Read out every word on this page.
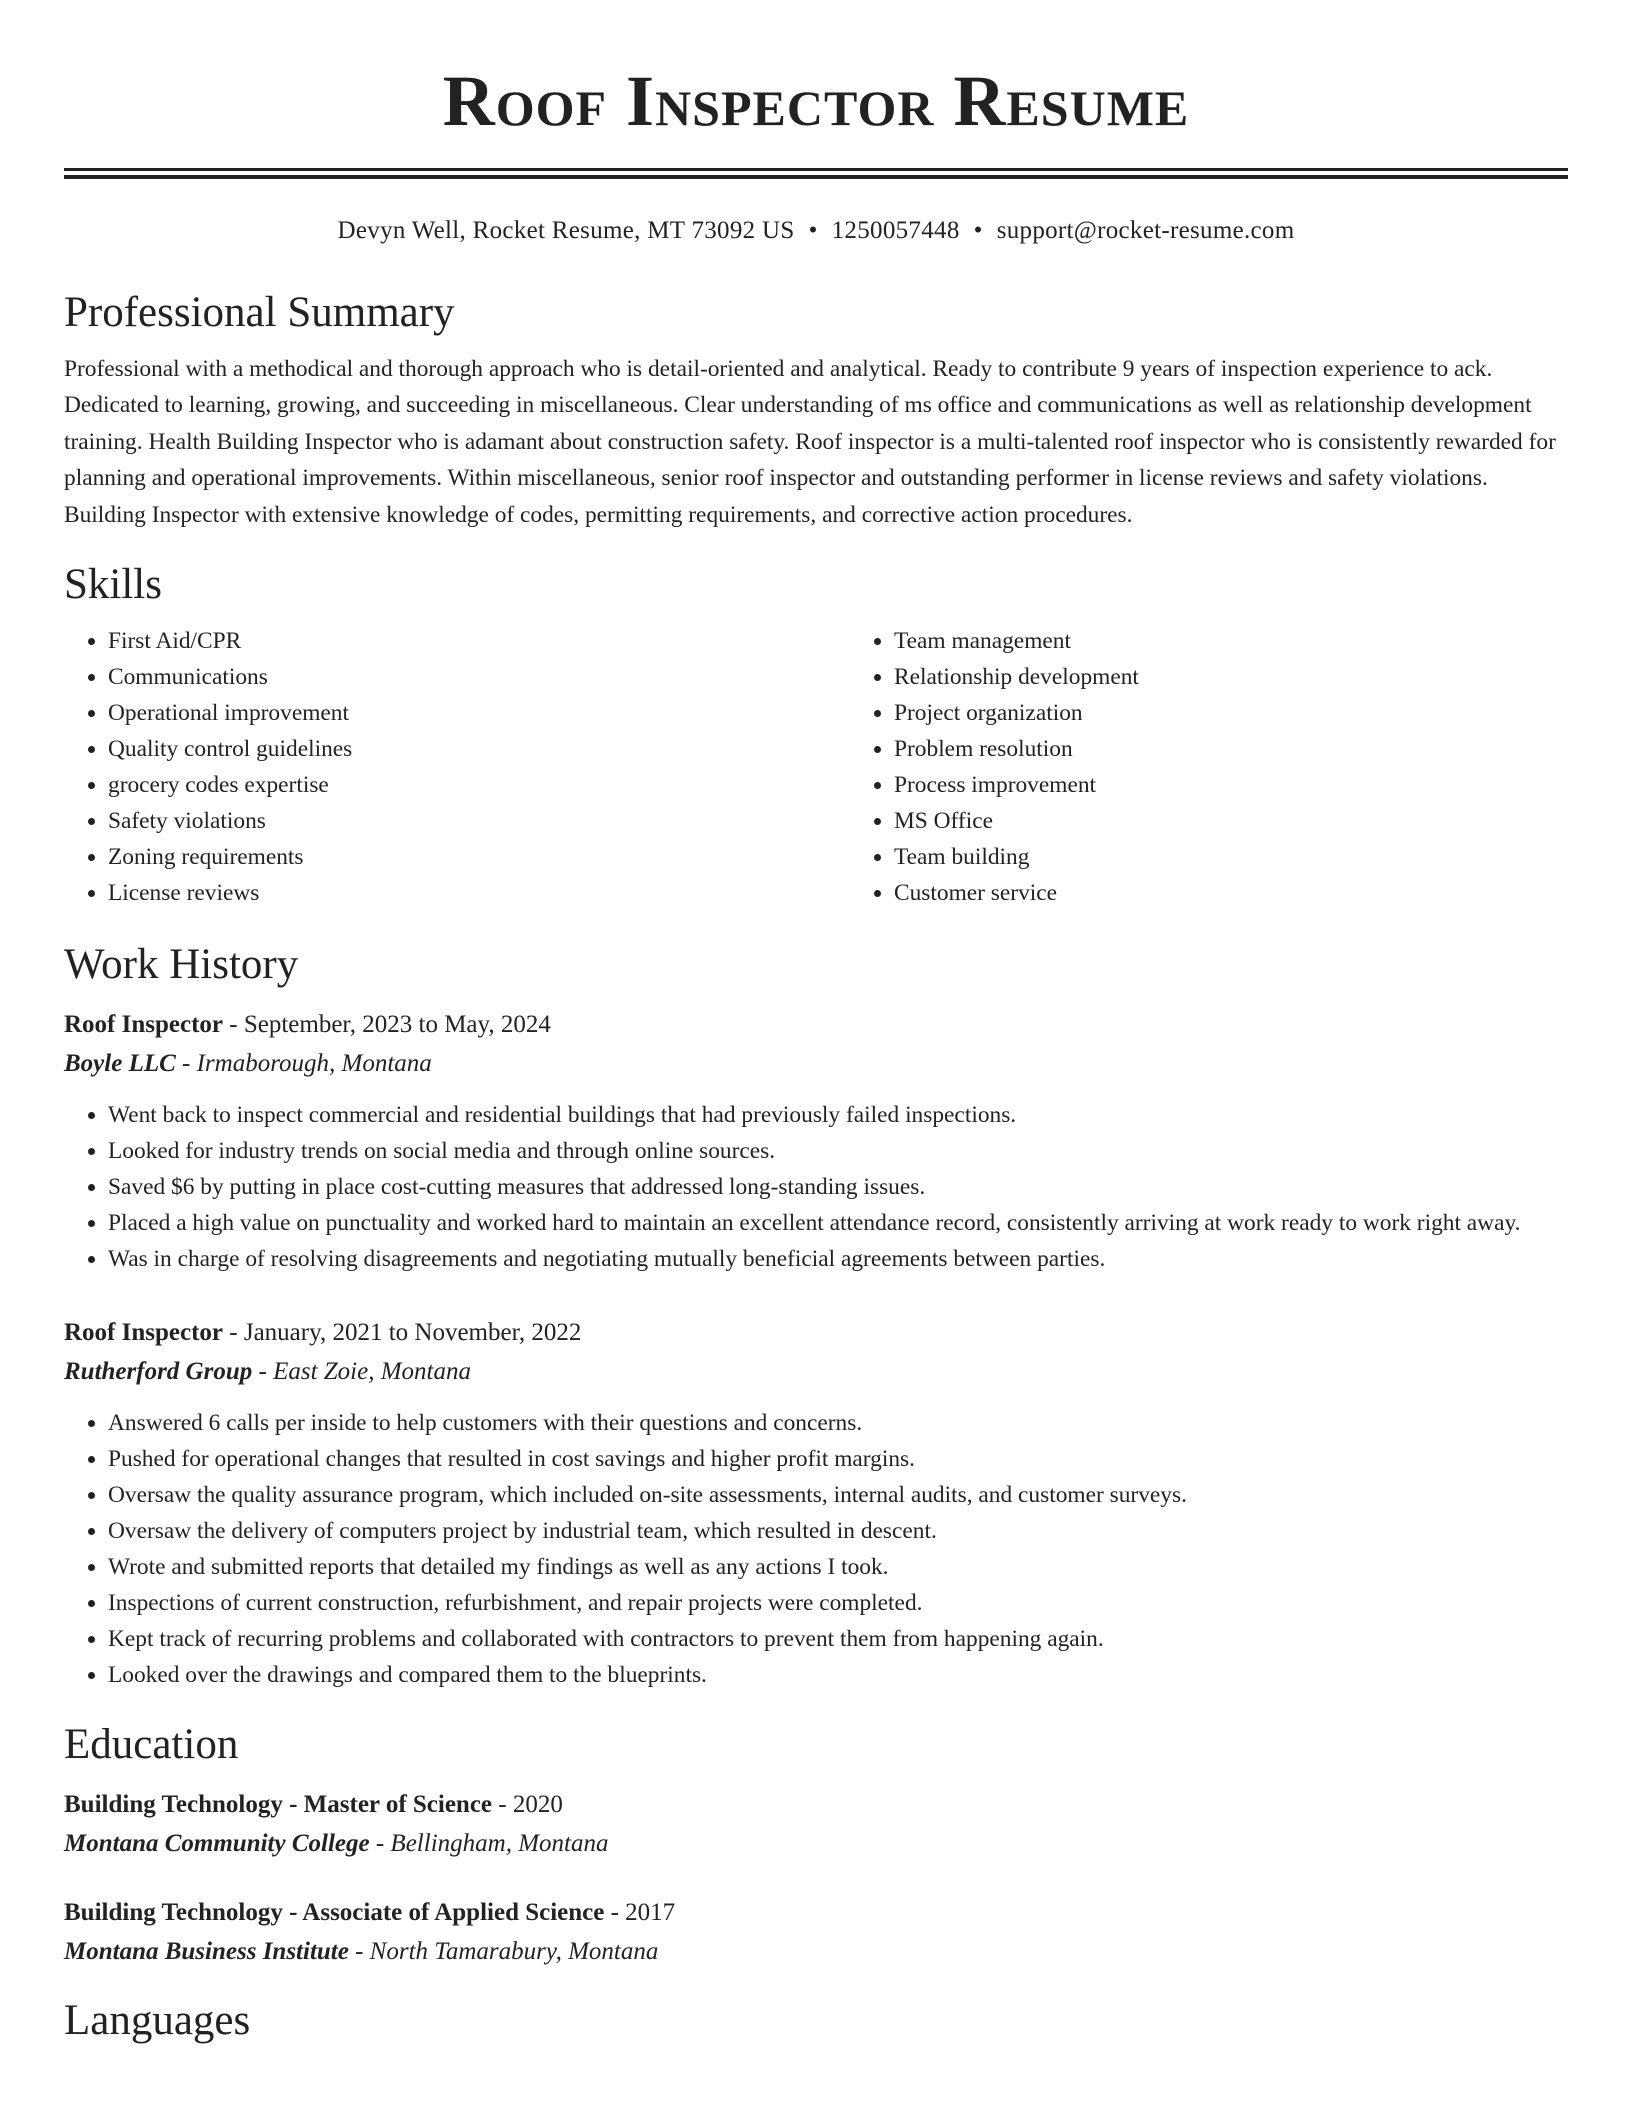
Roof Inspector Resume
Devyn Well, Rocket Resume, MT 73092 US • 1250057448 • support@rocket-resume.com
Professional Summary

Professional with a methodical and thorough approach who is detail-oriented and analytical. Ready to contribute 9 years of inspection experience to ack. Dedicated to learning, growing, and succeeding in miscellaneous. Clear understanding of ms office and communications as well as relationship development training. Health Building Inspector who is adamant about construction safety. Roof inspector is a multi-talented roof inspector who is consistently rewarded for planning and operational improvements. Within miscellaneous, senior roof inspector and outstanding performer in license reviews and safety violations. Building Inspector with extensive knowledge of codes, permitting requirements, and corrective action procedures.

Skills
• First Aid/CPR
• Communications
• Operational improvement
• Quality control guidelines
• grocery codes expertise
• Safety violations
• Zoning requirements
• License reviews
• Team management
• Relationship development
• Project organization
• Problem resolution
• Process improvement
• MS Office
• Team building
• Customer service
Work History
Roof Inspector - September, 2023 to May, 2024
Boyle LLC - Irmaborough, Montana
• Went back to inspect commercial and residential buildings that had previously failed inspections.
• Looked for industry trends on social media and through online sources.
• Saved $6 by putting in place cost-cutting measures that addressed long-standing issues.
• Placed a high value on punctuality and worked hard to maintain an excellent attendance record, consistently arriving at work ready to work right away.
• Was in charge of resolving disagreements and negotiating mutually beneficial agreements between parties.
Roof Inspector - January, 2021 to November, 2022
Rutherford Group - East Zoie, Montana
• Answered 6 calls per inside to help customers with their questions and concerns.
• Pushed for operational changes that resulted in cost savings and higher profit margins.
• Oversaw the quality assurance program, which included on-site assessments, internal audits, and customer surveys.
• Oversaw the delivery of computers project by industrial team, which resulted in descent.
• Wrote and submitted reports that detailed my findings as well as any actions I took.
• Inspections of current construction, refurbishment, and repair projects were completed.
• Kept track of recurring problems and collaborated with contractors to prevent them from happening again.
• Looked over the drawings and compared them to the blueprints.
Education
Building Technology - Master of Science - 2020
Montana Community College - Bellingham, Montana
Building Technology - Associate of Applied Science - 2017
Montana Business Institute - North Tamarabury, Montana
Languages
